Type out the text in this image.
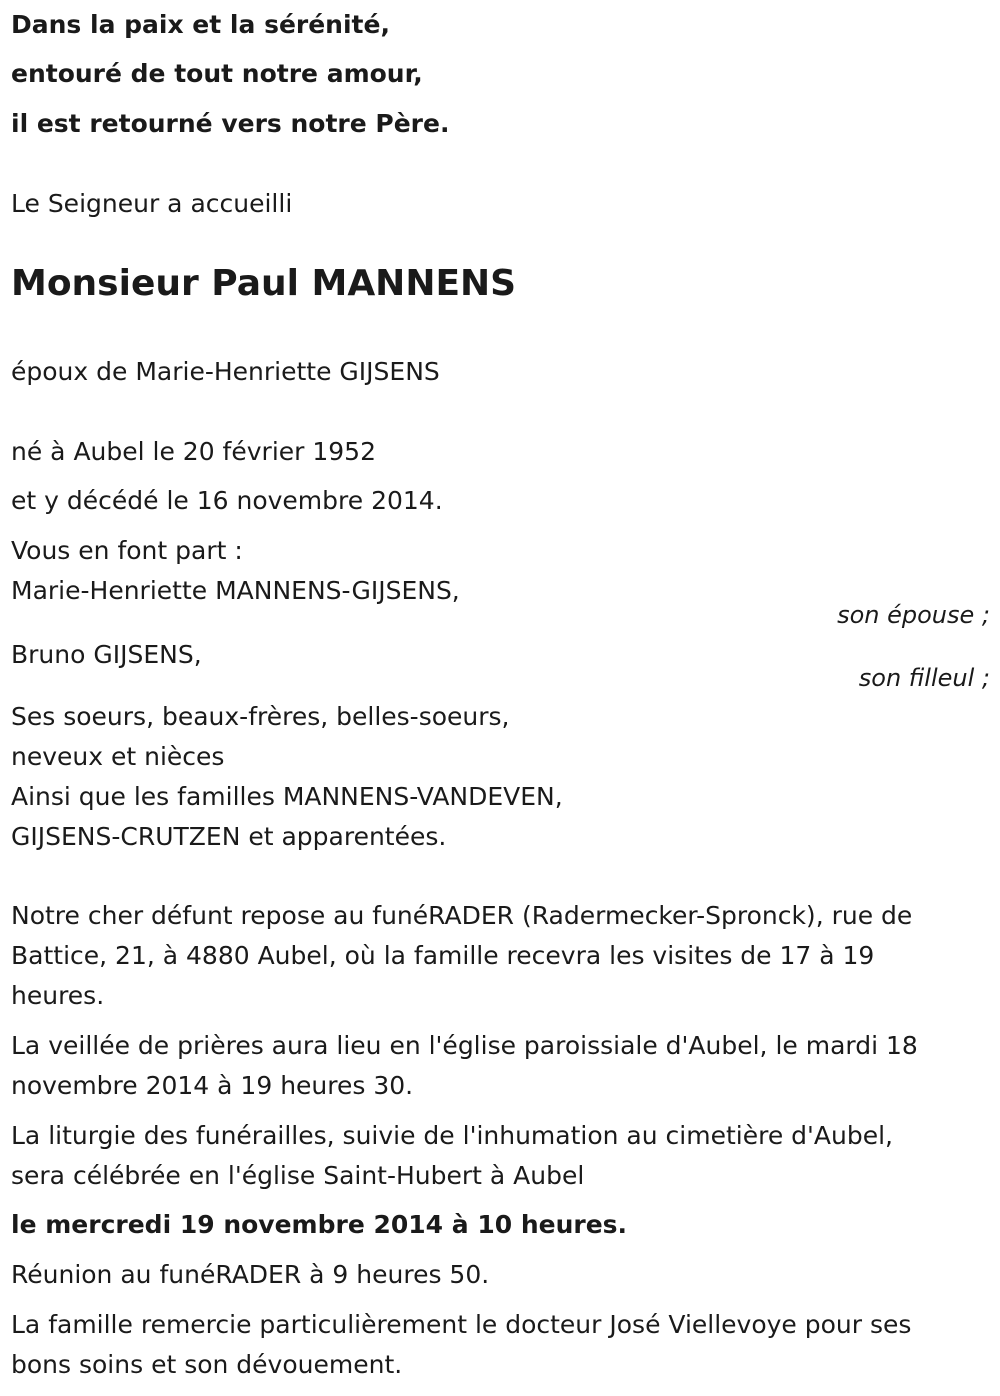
Dans la paix et la sérénité,
entouré de tout notre amour,
il est retourné vers notre Père.
Le Seigneur a accueilli
Monsieur Paul MANNENS
époux de Marie-Henriette GIJSENS
né à Aubel le 20 février 1952
et y décédé le 16 novembre 2014.
Vous en font part :
Marie-Henriette MANNENS-GIJSENS,
son épouse ;
Bruno GIJSENS,
son filleul ;
Ses soeurs, beaux-frères, belles-soeurs,
neveux et nièces
Ainsi que les familles MANNENS-VANDEVEN,
GIJSENS-CRUTZEN et apparentées.
Notre cher défunt repose au funéRADER (Radermecker-Spronck), rue de
Battice, 21, à 4880 Aubel, où la famille recevra les visites de 17 à 19
heures.
La veillée de prières aura lieu en l'église paroissiale d'Aubel, le mardi 18
novembre 2014 à 19 heures 30.
La liturgie des funérailles, suivie de l'inhumation au cimetière d'Aubel,
sera célébrée en l'église Saint-Hubert à Aubel
le mercredi 19 novembre 2014 à 10 heures.
Réunion au funéRADER à 9 heures 50.
La famille remercie particulièrement le docteur José Viellevoye pour ses
bons soins et son dévouement.
